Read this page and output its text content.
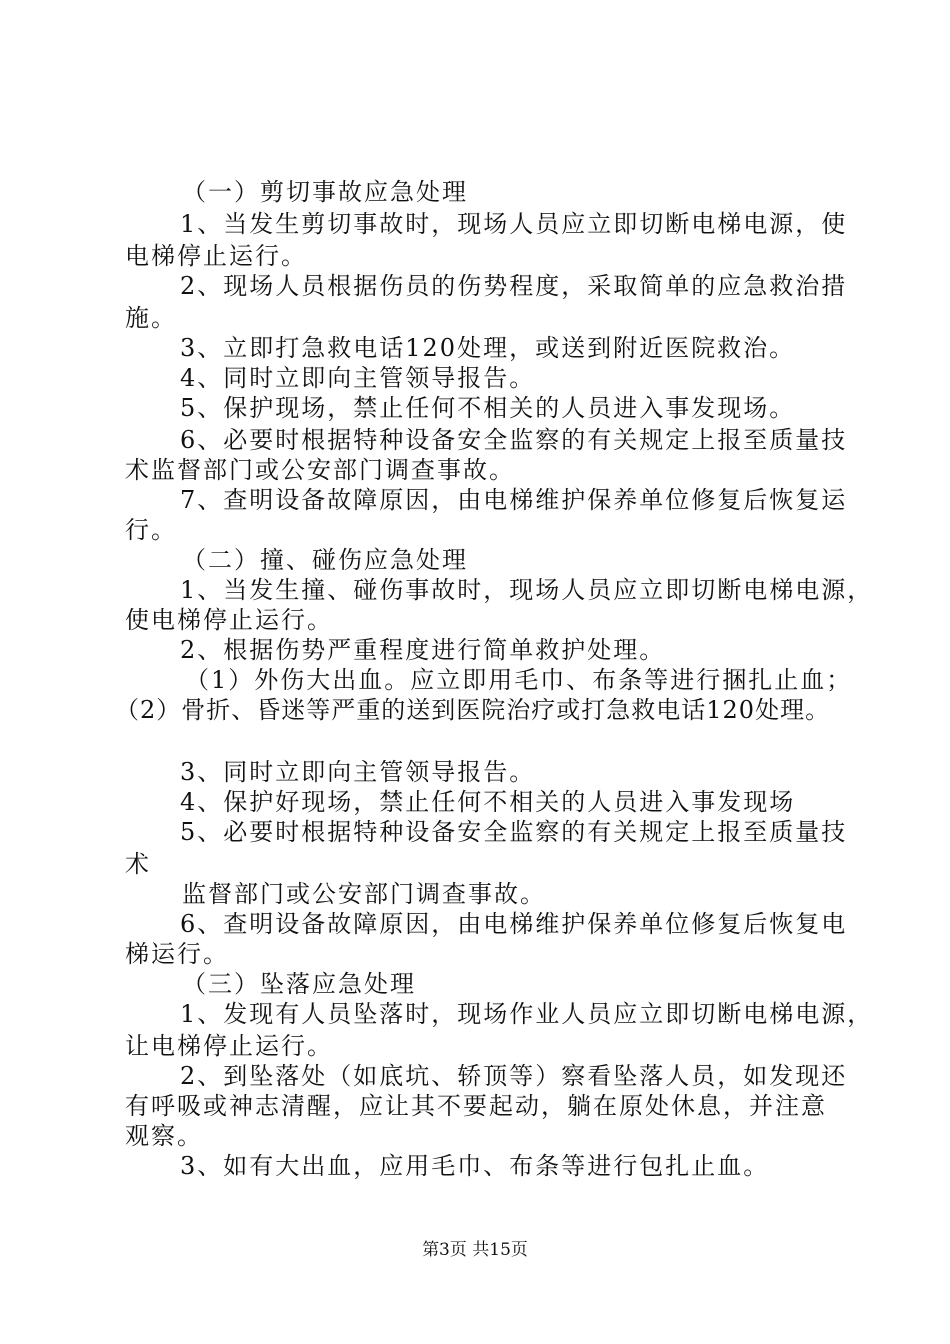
（一）剪切事故应急处理
1、当发生剪切事故时，现场人员应立即切断电梯电源，使
电梯停止运行。
2、现场人员根据伤员的伤势程度，采取简单的应急救治措
施。
3、立即打急救电话120处理，或送到附近医院救治。
4、同时立即向主管领导报告。
5、保护现场，禁止任何不相关的人员进入事发现场。
6、必要时根据特种设备安全监察的有关规定上报至质量技
术监督部门或公安部门调查事故。
7、查明设备故障原因，由电梯维护保养单位修复后恢复运
行。
（二）撞、碰伤应急处理
1、当发生撞、碰伤事故时，现场人员应立即切断电梯电源，
使电梯停止运行。
2、根据伤势严重程度进行简单救护处理。
（1）外伤大出血。应立即用毛巾、布条等进行捆扎止血；
（2）骨折、昏迷等严重的送到医院治疗或打急救电话120处理。
3、同时立即向主管领导报告。
4、保护好现场，禁止任何不相关的人员进入事发现场
5、必要时根据特种设备安全监察的有关规定上报至质量技
术
监督部门或公安部门调查事故。
6、查明设备故障原因，由电梯维护保养单位修复后恢复电
梯运行。
（三）坠落应急处理
1、发现有人员坠落时，现场作业人员应立即切断电梯电源，
让电梯停止运行。
2、到坠落处（如底坑、轿顶等）察看坠落人员，如发现还
有呼吸或神志清醒，应让其不要起动，躺在原处休息，并注意
观察。
3、如有大出血，应用毛巾、布条等进行包扎止血。
第3页 共15页
